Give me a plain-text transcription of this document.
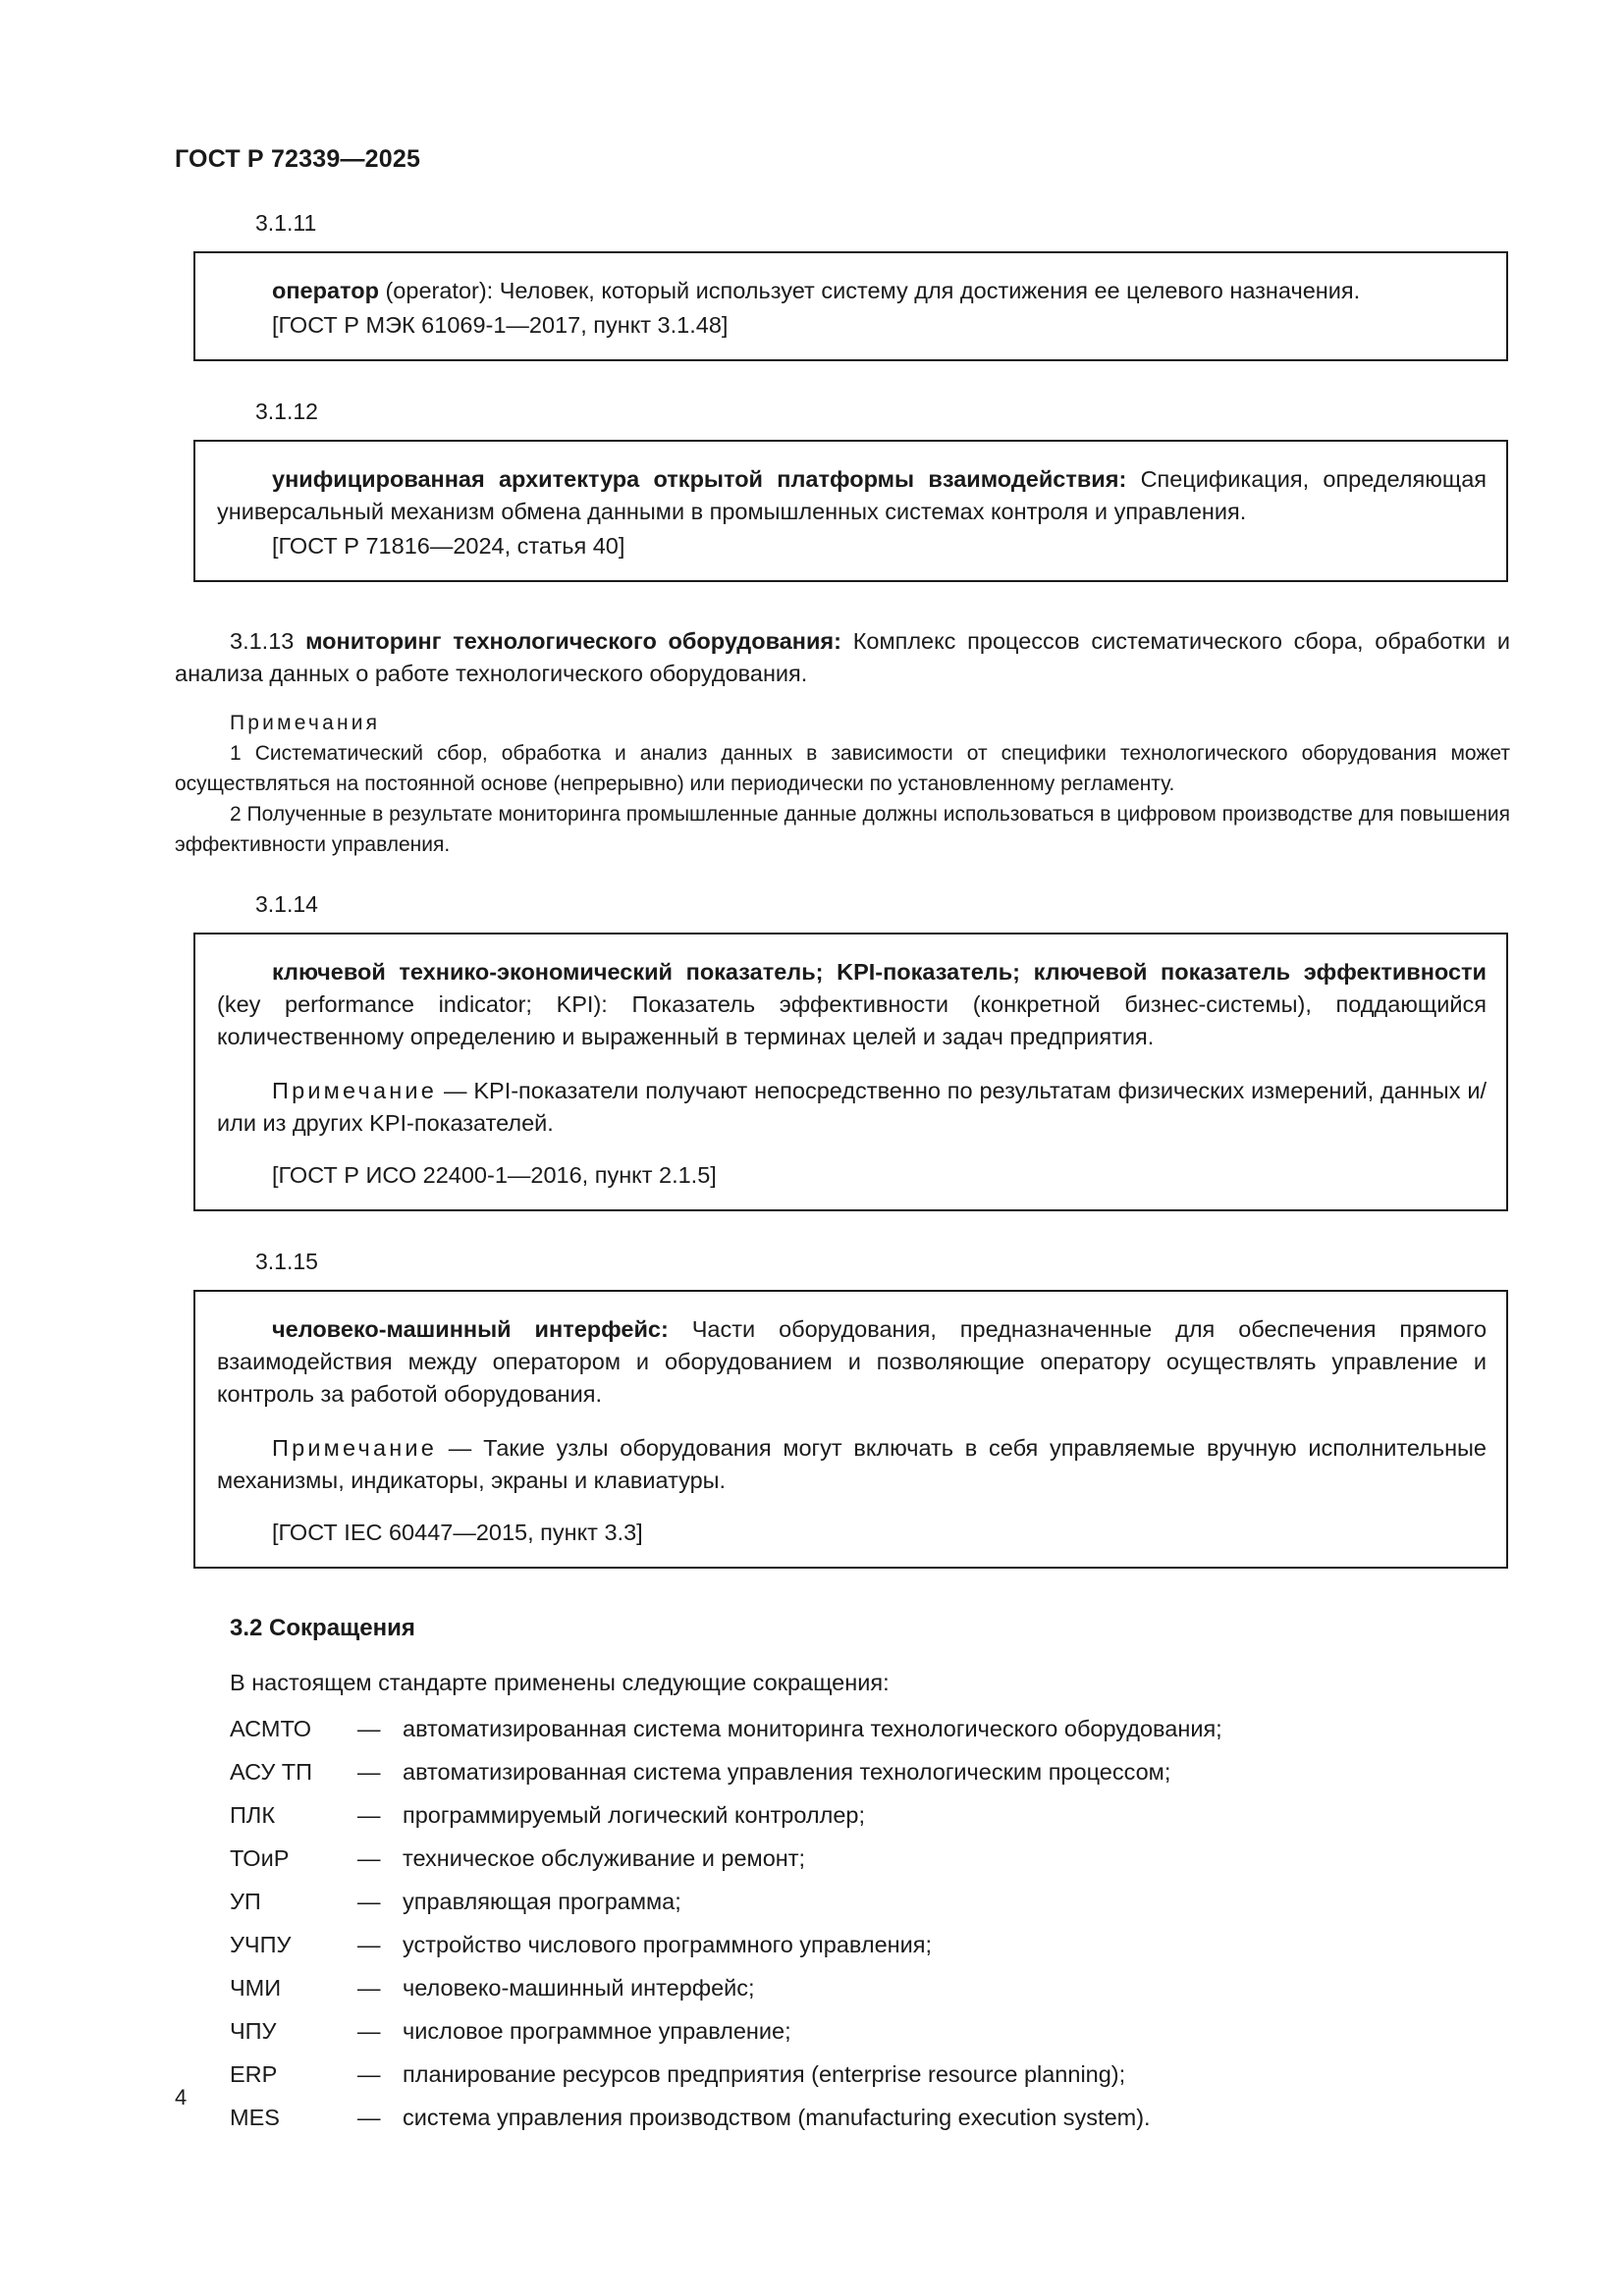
ГОСТ Р 72339—2025
3.1.11

оператор (operator): Человек, который использует систему для достижения ее целевого назначения.

[ГОСТ Р МЭК 61069-1—2017, пункт 3.1.48]

3.1.12

унифицированная архитектура открытой платформы взаимодействия: Спецификация, определяющая универсальный механизм обмена данными в промышленных системах контроля и управления.

[ГОСТ Р 71816—2024, статья 40]

3.1.13 мониторинг технологического оборудования: Комплекс процессов систематического сбора, обработки и анализа данных о работе технологического оборудования.

Примечания

1 Систематический сбор, обработка и анализ данных в зависимости от специфики технологического оборудования может осуществляться на постоянной основе (непрерывно) или периодически по установленному регламенту.

2 Полученные в результате мониторинга промышленные данные должны использоваться в цифровом производстве для повышения эффективности управления.

3.1.14

ключевой технико-экономический показатель; KPI-показатель; ключевой показатель эффективности (key performance indicator; KPI): Показатель эффективности (конкретной бизнес-системы), поддающийся количественному определению и выраженный в терминах целей и задач предприятия.

Примечание — KPI-показатели получают непосредственно по результатам физических измерений, данных и/или из других KPI-показателей.

[ГОСТ Р ИСО 22400-1—2016, пункт 2.1.5]

3.1.15

человеко-машинный интерфейс: Части оборудования, предназначенные для обеспечения прямого взаимодействия между оператором и оборудованием и позволяющие оператору осуществлять управление и контроль за работой оборудования.

Примечание — Такие узлы оборудования могут включать в себя управляемые вручную исполнительные механизмы, индикаторы, экраны и клавиатуры.

[ГОСТ IEC 60447—2015, пункт 3.3]

3.2 Сокращения

В настоящем стандарте применены следующие сокращения:

АСМТО	— автоматизированная система мониторинга технологического оборудования;
АСУ ТП	— автоматизированная система управления технологическим процессом;
ПЛК	— программируемый логический контроллер;
ТОиР	— техническое обслуживание и ремонт;
УП	— управляющая программа;
УЧПУ	— устройство числового программного управления;
ЧМИ	— человеко-машинный интерфейс;
ЧПУ	— числовое программное управление;
ERP	— планирование ресурсов предприятия (enterprise resource planning);
MES	— система управления производством (manufacturing execution system).
4
